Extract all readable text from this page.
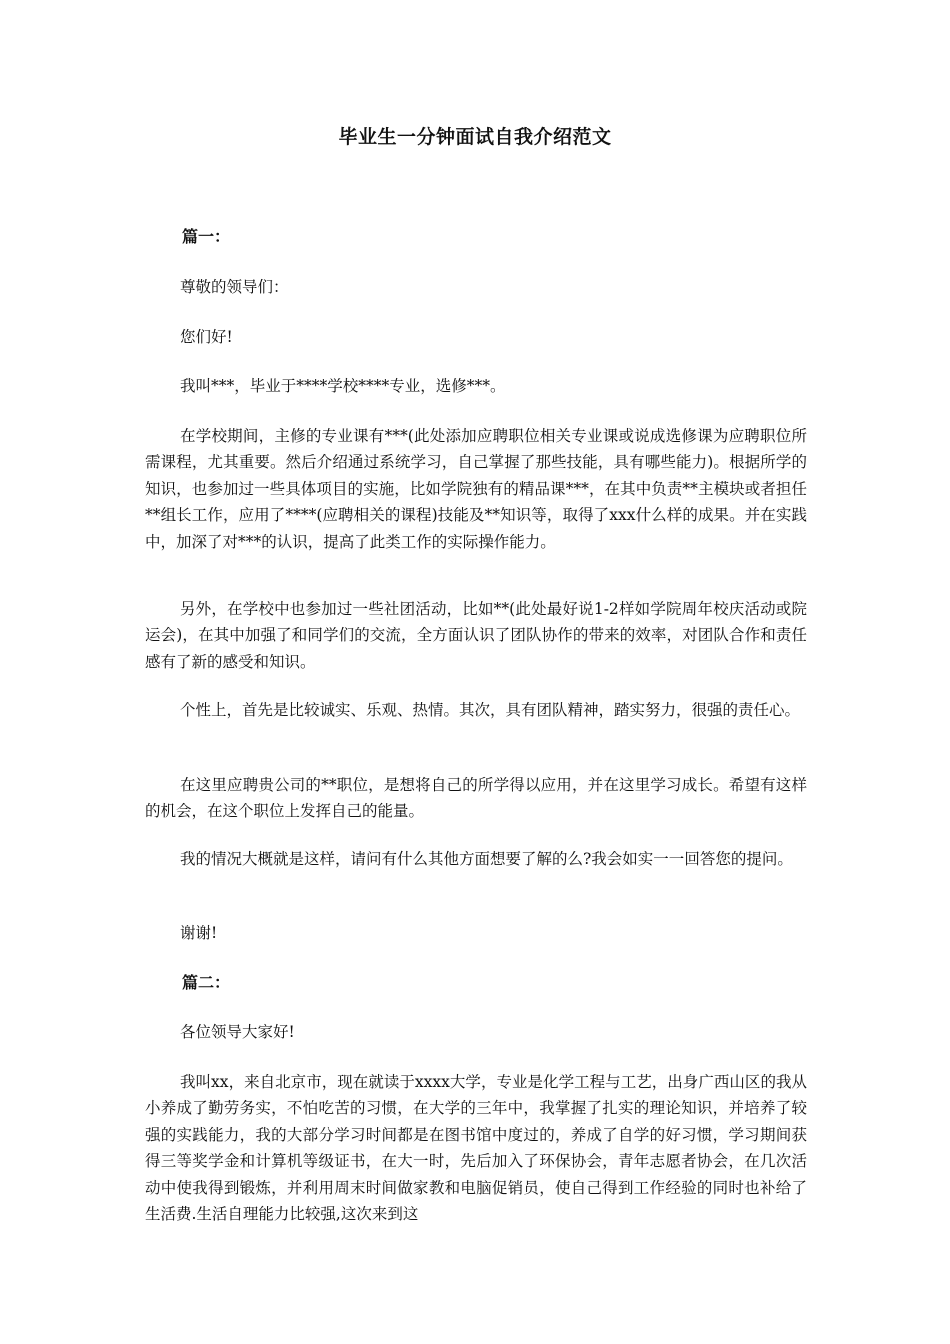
毕业生一分钟面试自我介绍范文
篇一：
尊敬的领导们：
您们好!
我叫***，毕业于****学校****专业，选修***。

在学校期间，主修的专业课有***(此处添加应聘职位相关专业课或说成选修课为应聘职位所需课程，尤其重要。然后介绍通过系统学习，自己掌握了那些技能，具有哪些能力)。根据所学的知识，也参加过一些具体项目的实施，比如学院独有的精品课***，在其中负责**主模块或者担任**组长工作，应用了****(应聘相关的课程)技能及**知识等，取得了xxx什么样的成果。并在实践中，加深了对***的认识，提高了此类工作的实际操作能力。

另外，在学校中也参加过一些社团活动，比如**(此处最好说1-2样如学院周年校庆活动或院运会)，在其中加强了和同学们的交流，全方面认识了团队协作的带来的效率，对团队合作和责任感有了新的感受和知识。

个性上，首先是比较诚实、乐观、热情。其次，具有团队精神，踏实努力，很强的责任心。

在这里应聘贵公司的**职位，是想将自己的所学得以应用，并在这里学习成长。希望有这样的机会，在这个职位上发挥自己的能量。

我的情况大概就是这样，请问有什么其他方面想要了解的么?我会如实一一回答您的提问。

谢谢!
篇二：
各位领导大家好!

我叫xx，来自北京市，现在就读于xxxx大学，专业是化学工程与工艺，出身广西山区的我从小养成了勤劳务实，不怕吃苦的习惯，在大学的三年中，我掌握了扎实的理论知识，并培养了较强的实践能力，我的大部分学习时间都是在图书馆中度过的，养成了自学的好习惯，学习期间获得三等奖学金和计算机等级证书，在大一时，先后加入了环保协会，青年志愿者协会，在几次活动中使我得到锻炼，并利用周末时间做家教和电脑促销员，使自己得到工作经验的同时也补给了生活费.生活自理能力比较强,这次来到这
